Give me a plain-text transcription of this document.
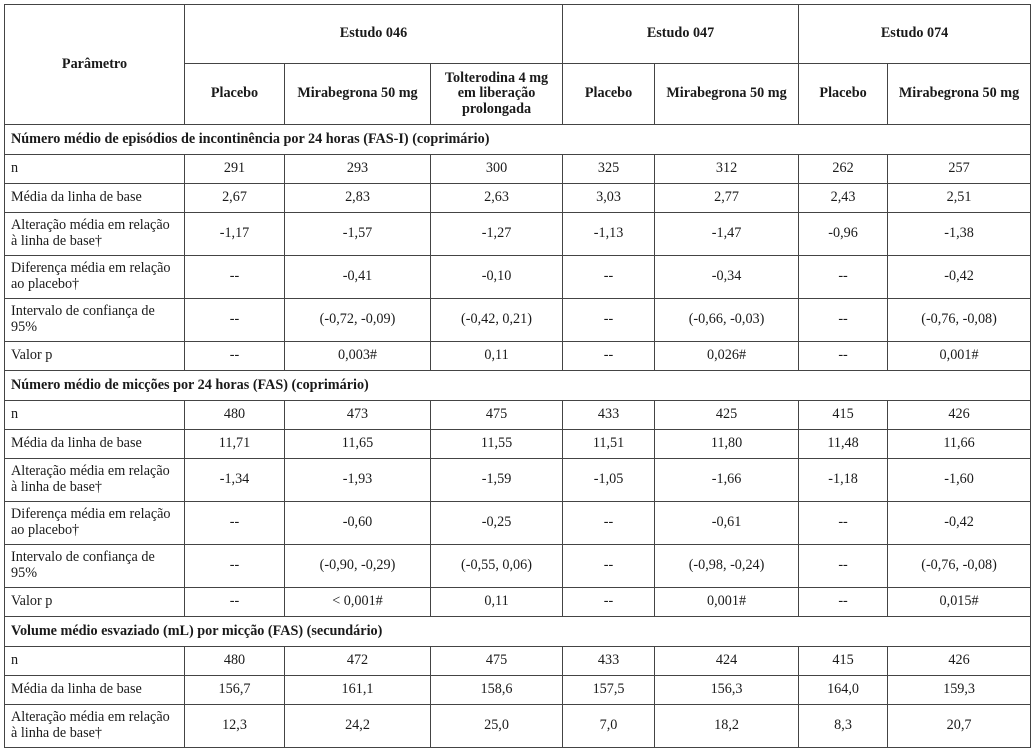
Parâmetro	Estudo 046			Estudo 047		Estudo 074	
	Placebo	Mirabegrona 50 mg	Tolterodina 4 mg em liberação prolongada	Placebo	Mirabegrona 50 mg	Placebo	Mirabegrona 50 mg
Número médio de episódios de incontinência por 24 horas (FAS-I) (coprimário)							
n	291	293	300	325	312	262	257
Média da linha de base	2,67	2,83	2,63	3,03	2,77	2,43	2,51
Alteração média em relação à linha de base†	-1,17	-1,57	-1,27	-1,13	-1,47	-0,96	-1,38
Diferença média em relação ao placebo†	--	-0,41	-0,10	--	-0,34	--	-0,42
Intervalo de confiança de 95%	--	(-0,72, -0,09)	(-0,42, 0,21)	--	(-0,66, -0,03)	--	(-0,76, -0,08)
Valor p	--	0,003#	0,11	--	0,026#	--	0,001#
Número médio de micções por 24 horas (FAS) (coprimário)							
n	480	473	475	433	425	415	426
Média da linha de base	11,71	11,65	11,55	11,51	11,80	11,48	11,66
Alteração média em relação à linha de base†	-1,34	-1,93	-1,59	-1,05	-1,66	-1,18	-1,60
Diferença média em relação ao placebo†	--	-0,60	-0,25	--	-0,61	--	-0,42
Intervalo de confiança de 95%	--	(-0,90, -0,29)	(-0,55, 0,06)	--	(-0,98, -0,24)	--	(-0,76, -0,08)
Valor p	--	< 0,001#	0,11	--	0,001#	--	0,015#
Volume médio esvaziado (mL) por micção (FAS) (secundário)							
n	480	472	475	433	424	415	426
Média da linha de base	156,7	161,1	158,6	157,5	156,3	164,0	159,3
Alteração média em relação à linha de base†	12,3	24,2	25,0	7,0	18,2	8,3	20,7
